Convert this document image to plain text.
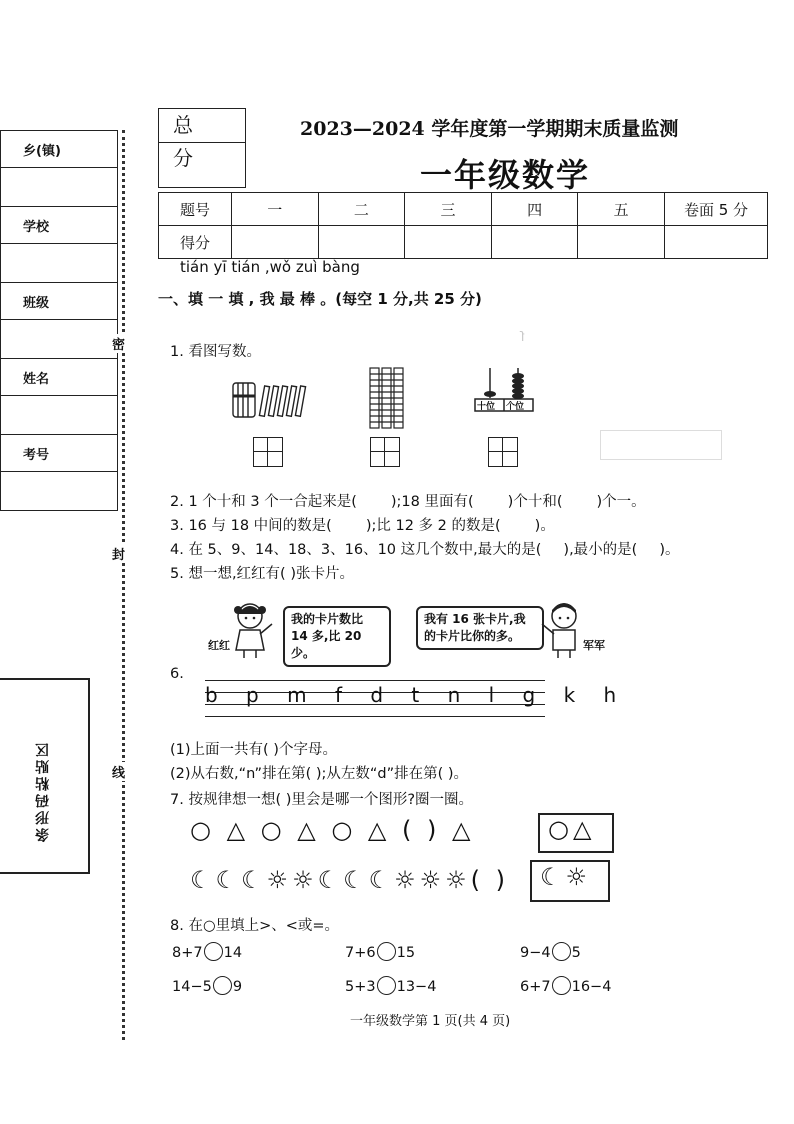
乡(镇)

学校

班级

姓名

考号

条形码粘贴区
密
封
线
总 分
2023—2024 学年度第一学期期末质量监测
一年级数学
题号	一	二	三	四	五	卷面 5 分
得分						
tián yī tián ,wǒ zuì bàng
一、填 一 填 , 我 最 棒 。(每空 1 分,共 25 分)
ſ
1. 看图写数。
十位 个位
2. 1 个十和 3 个一合起来是( );18 里面有( )个十和( )个一。
3. 16 与 18 中间的数是( );比 12 多 2 的数是( )。
4. 在 5、9、14、18、3、16、10 这几个数中,最大的是( ),最小的是( )。
5. 想一想,红红有( )张卡片。
红红
我的卡片数比
14 多,比 20 少。
我有 16 张卡片,我
的卡片比你的多。
军军
6.
b p m f d t n l g k h
(1)上面一共有( )个字母。
(2)从右数,“n”排在第( );从左数“d”排在第( )。
7. 按规律想一想( )里会是哪一个图形?圈一圈。
○ △ ○ △ ○ △ ( ) △	○△
☾☾☾☼☼☾☾☾☼☼☼( ) ☾☼
8. 在○里填上>、<或=。
8+7 14	7+6 15	9−4 5
14−5 9	5+3 13−4	6+7 16−4
一年级数学第 1 页(共 4 页)
